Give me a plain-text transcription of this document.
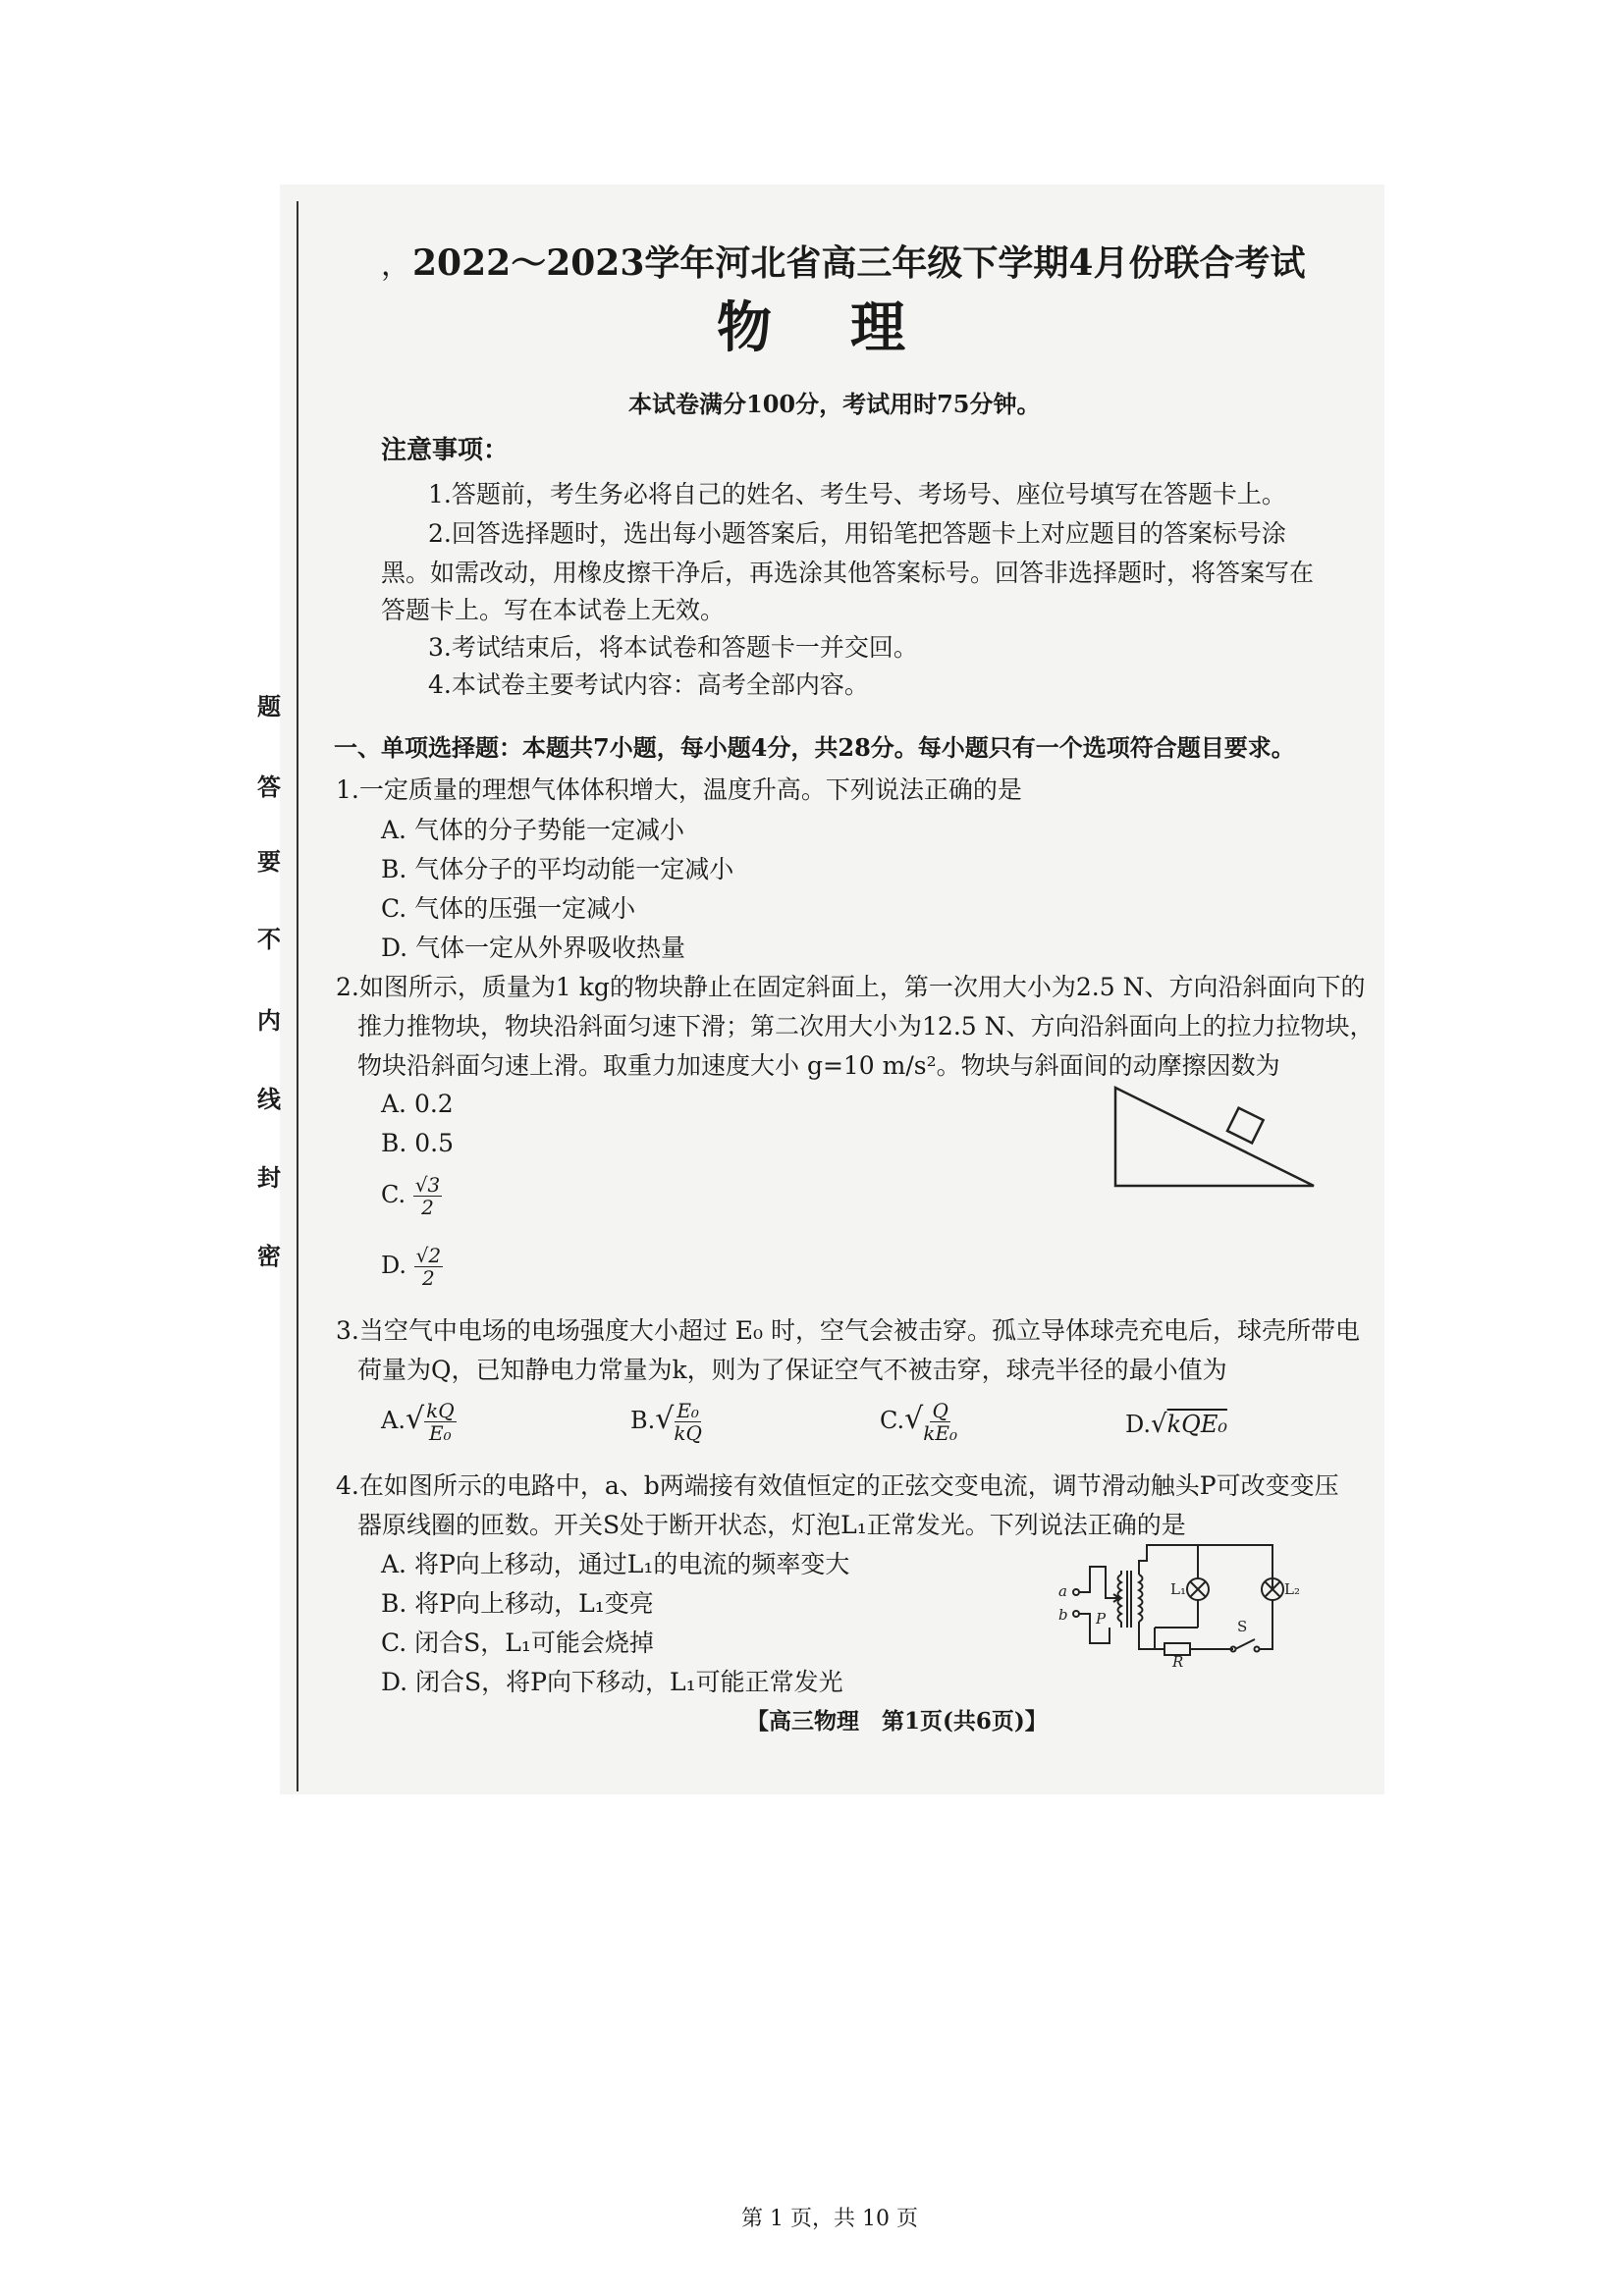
题
答
要
不
内
线
封
密
， 2022～2023学年河北省高三年级下学期4月份联合考试
物理
本试卷满分100分，考试用时75分钟。
注意事项：
1.答题前，考生务必将自己的姓名、考生号、考场号、座位号填写在答题卡上。
2.回答选择题时，选出每小题答案后，用铅笔把答题卡上对应题目的答案标号涂
黑。如需改动，用橡皮擦干净后，再选涂其他答案标号。回答非选择题时，将答案写在
答题卡上。写在本试卷上无效。
3.考试结束后，将本试卷和答题卡一并交回。
4.本试卷主要考试内容：高考全部内容。
一、单项选择题：本题共7小题，每小题4分，共28分。每小题只有一个选项符合题目要求。
1.一定质量的理想气体体积增大，温度升高。下列说法正确的是
A. 气体的分子势能一定减小
B. 气体分子的平均动能一定减小
C. 气体的压强一定减小
D. 气体一定从外界吸收热量
2.如图所示，质量为1 kg的物块静止在固定斜面上，第一次用大小为2.5 N、方向沿斜面向下的
推力推物块，物块沿斜面匀速下滑；第二次用大小为12.5 N、方向沿斜面向上的拉力拉物块，
物块沿斜面匀速上滑。取重力加速度大小 g=10 m/s²。物块与斜面间的动摩擦因数为
A. 0.2
B. 0.5
C. $\frac{√3}{2}$
D. $\frac{√2}{2}$
3.当空气中电场的电场强度大小超过 E₀ 时，空气会被击穿。孤立导体球壳充电后，球壳所带电
荷量为Q，已知静电力常量为k，则为了保证空气不被击穿，球壳半径的最小值为
$A.√ \frac{kQ}{\text{E₀}}$	$B.√ \frac{\text{E₀}}{kQ}$	$C.√ \frac{Q}{\text{kE₀}}$	D.√kQE₀
4.在如图所示的电路中，a、b两端接有效值恒定的正弦交变电流，调节滑动触头P可改变变压
器原线圈的匝数。开关S处于断开状态，灯泡L₁正常发光。下列说法正确的是
A. 将P向上移动，通过L₁的电流的频率变大
B. 将P向上移动，L₁变亮
C. 闭合S，L₁可能会烧掉
D. 闭合S，将P向下移动，L₁可能正常发光
a
b P
L₁	L₂
S
R
【高三物理　第1页(共6页)】
第 1 页，共 10 页
